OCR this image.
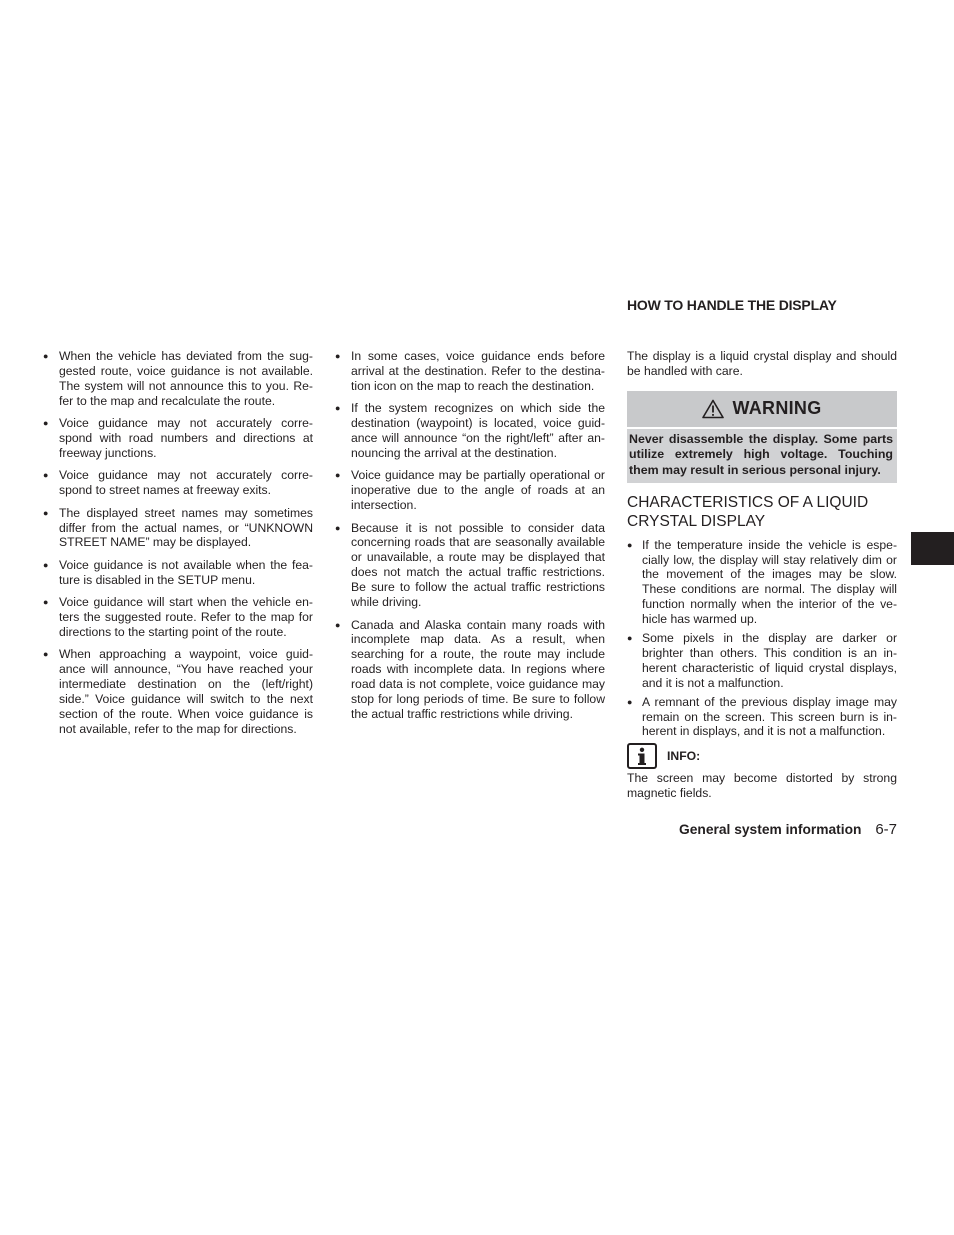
HOW TO HANDLE THE DISPLAY
● When the vehicle has deviated from the sug-gested route, voice guidance is not available. The system will not announce this to you. Re-fer to the map and recalculate the route.
● Voice guidance may not accurately corre-spond with road numbers and directions at freeway junctions.
● Voice guidance may not accurately corre-spond to street names at freeway exits.
● The displayed street names may sometimes differ from the actual names, or “UNKNOWN STREET NAME” may be displayed.
● Voice guidance is not available when the fea-ture is disabled in the SETUP menu.
● Voice guidance will start when the vehicle en-ters the suggested route. Refer to the map for directions to the starting point of the route.
● When approaching a waypoint, voice guid-ance will announce, “You have reached your intermediate destination on the (left/right) side.” Voice guidance will switch to the next section of the route. When voice guidance is not available, refer to the map for directions.
● In some cases, voice guidance ends before arrival at the destination. Refer to the destina-tion icon on the map to reach the destination.
● If the system recognizes on which side the destination (waypoint) is located, voice guid-ance will announce “on the right/left” after an-nouncing the arrival at the destination.
● Voice guidance may be partially operational or inoperative due to the angle of roads at an intersection.
● Because it is not possible to consider data concerning roads that are seasonally available or unavailable, a route may be displayed that does not match the actual traffic restrictions. Be sure to follow the actual traffic restrictions while driving.
● Canada and Alaska contain many roads with incomplete map data. As a result, when searching for a route, the route may include roads with incomplete data. In regions where road data is not complete, voice guidance may stop for long periods of time. Be sure to follow the actual traffic restrictions while driving.

The display is a liquid crystal display and should be handled with care.

WARNING
Never disassemble the display. Some parts utilize extremely high voltage. Touching them may result in serious personal injury.
CHARACTERISTICS OF A LIQUID CRYSTAL DISPLAY
● If the temperature inside the vehicle is espe-cially low, the display will stay relatively dim or the movement of the images may be slow. These conditions are normal. The display will function normally when the interior of the ve-hicle has warmed up.
● Some pixels in the display are darker or brighter than others. This condition is an in-herent characteristic of liquid crystal displays, and it is not a malfunction.
● A remnant of the previous display image may remain on the screen. This screen burn is in-herent in displays, and it is not a malfunction.
INFO:

The screen may become distorted by strong magnetic fields.

General system information 6-7
